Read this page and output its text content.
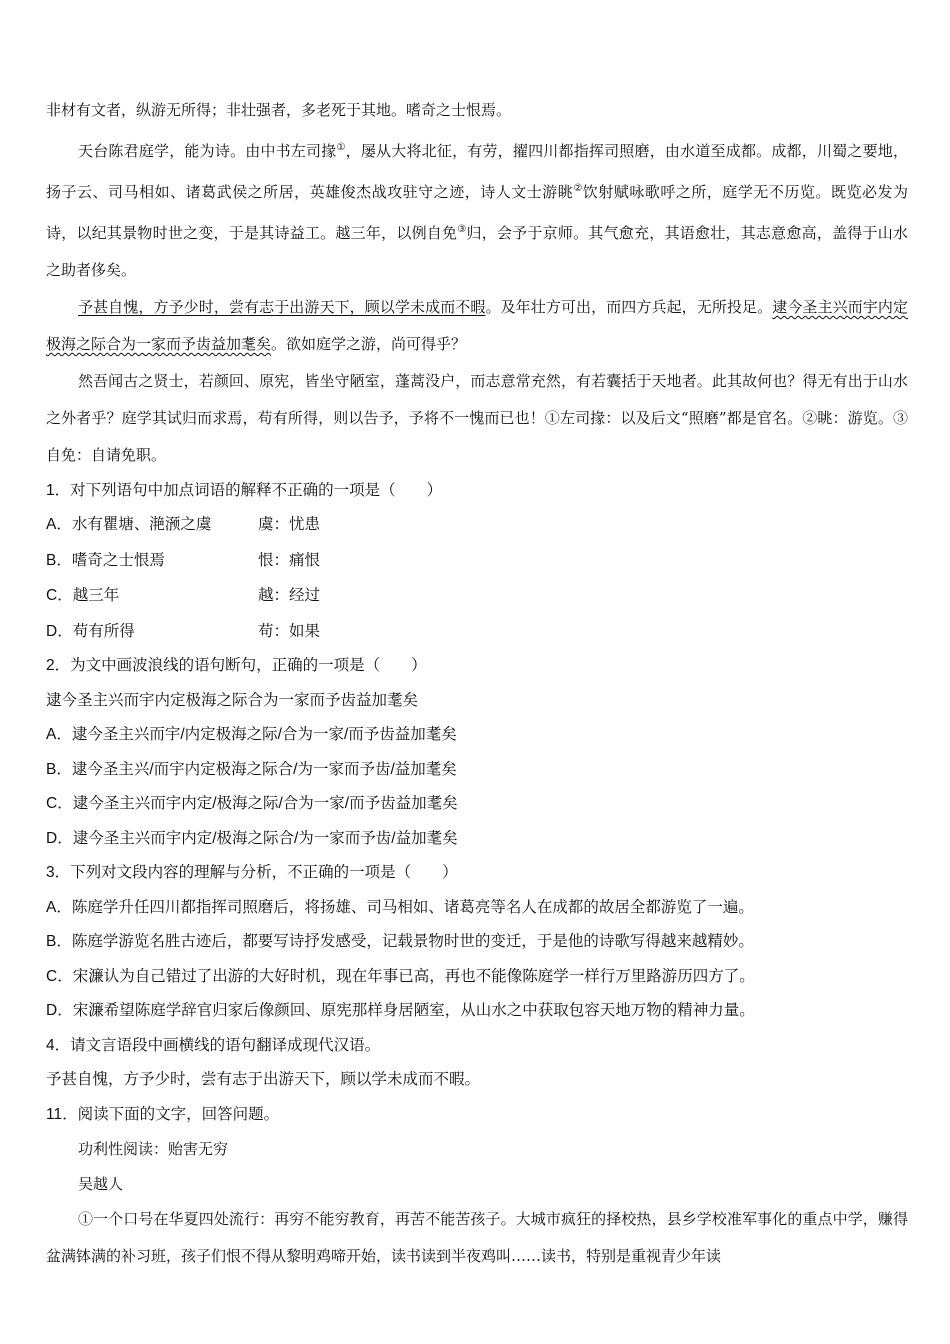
非材有文者，纵游无所得；非壮强者，多老死于其地。嗜奇之士恨焉。

天台陈君庭学，能为诗。由中书左司掾①，屡从大将北征，有劳，擢四川都指挥司照磨，由水道至成都。成都，川蜀之要地，扬子云、司马相如、诸葛武侯之所居，英雄俊杰战攻驻守之迹，诗人文士游眺②饮射赋咏歌呼之所，庭学无不历览。既览必发为诗，以纪其景物时世之变，于是其诗益工。越三年，以例自免③归，会予于京师。其气愈充，其语愈壮，其志意愈高，盖得于山水之助者侈矣。

予甚自愧，方予少时，尝有志于出游天下，顾以学未成而不暇。及年壮方可出，而四方兵起，无所投足。逮今圣主兴而宇内定极海之际合为一家而予齿益加耄矣。欲如庭学之游，尚可得乎？

然吾闻古之贤士，若颜回、原宪，皆坐守陋室，蓬蒿没户，而志意常充然，有若囊括于天地者。此其故何也？得无有出于山水之外者乎？庭学其试归而求焉，苟有所得，则以告予，予将不一愧而已也！①左司掾：以及后文“照磨”都是官名。②眺：游览。③自免：自请免职。

1．对下列语句中加点词语的解释不正确的一项是（　　）

A．水有瞿塘、滟滪之虞	虞：忧患

B．嗜奇之士恨焉	恨：痛恨

C．越三年	越：经过

D．苟有所得	苟：如果

2．为文中画波浪线的语句断句，正确的一项是（　　）

逮今圣主兴而宇内定极海之际合为一家而予齿益加耄矣

A．逮今圣主兴而宇/内定极海之际/合为一家/而予齿益加耄矣

B．逮今圣主兴/而宇内定极海之际合/为一家而予齿/益加耄矣

C．逮今圣主兴而宇内定/极海之际/合为一家/而予齿益加耄矣

D．逮今圣主兴而宇内定/极海之际合/为一家而予齿/益加耄矣

3．下列对文段内容的理解与分析，不正确的一项是（　　）

A．陈庭学升任四川都指挥司照磨后，将扬雄、司马相如、诸葛亮等名人在成都的故居全都游览了一遍。

B．陈庭学游览名胜古迹后，都要写诗抒发感受，记载景物时世的变迁，于是他的诗歌写得越来越精妙。

C．宋濂认为自己错过了出游的大好时机，现在年事已高，再也不能像陈庭学一样行万里路游历四方了。

D．宋濂希望陈庭学辞官归家后像颜回、原宪那样身居陋室，从山水之中获取包容天地万物的精神力量。

4．请文言语段中画横线的语句翻译成现代汉语。

予甚自愧，方予少时，尝有志于出游天下，顾以学未成而不暇。

11．阅读下面的文字，回答问题。

功利性阅读：贻害无穷

吴越人

①一个口号在华夏四处流行：再穷不能穷教育，再苦不能苦孩子。大城市疯狂的择校热，县乡学校准军事化的重点中学，赚得盆满钵满的补习班，孩子们恨不得从黎明鸡啼开始，读书读到半夜鸡叫……读书，特别是重视青少年读
